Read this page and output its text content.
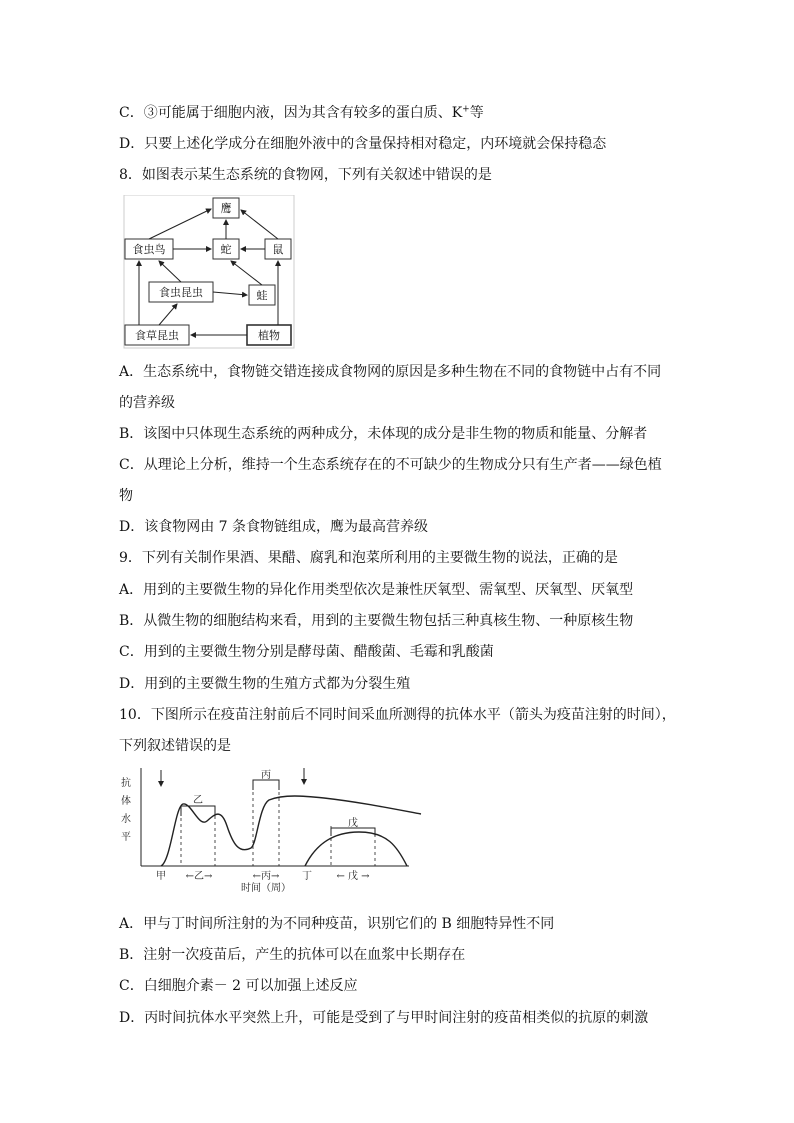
C．③可能属于细胞内液，因为其含有较多的蛋白质、K+等
D．只要上述化学成分在细胞外液中的含量保持相对稳定，内环境就会保持稳态
8．如图表示某生态系统的食物网，下列有关叙述中错误的是
鹰
食虫鸟	蛇	鼠
食虫昆虫	蛙
食草昆虫	植物
A．生态系统中，食物链交错连接成食物网的原因是多种生物在不同的食物链中占有不同
的营养级
B．该图中只体现生态系统的两种成分，未体现的成分是非生物的物质和能量、分解者
C．从理论上分析，维持一个生态系统存在的不可缺少的生物成分只有生产者——绿色植
物
D．该食物网由 7 条食物链组成，鹰为最高营养级
9．下列有关制作果酒、果醋、腐乳和泡菜所利用的主要微生物的说法，正确的是
A．用到的主要微生物的异化作用类型依次是兼性厌氧型、需氧型、厌氧型、厌氧型
B．从微生物的细胞结构来看，用到的主要微生物包括三种真核生物、一种原核生物
C．用到的主要微生物分别是酵母菌、醋酸菌、毛霉和乳酸菌
D．用到的主要微生物的生殖方式都为分裂生殖
10．下图所示在疫苗注射前后不同时间采血所测得的抗体水平（箭头为疫苗注射的时间），
下列叙述错误的是
抗
体
水
平
乙
丙
戊
甲 ←乙→	←丙→
时间（周）
丁 ← 戊 →
A．甲与丁时间所注射的为不同种疫苗，识别它们的 B 细胞特异性不同
B．注射一次疫苗后，产生的抗体可以在血浆中长期存在
C．白细胞介素－ 2 可以加强上述反应
D．丙时间抗体水平突然上升，可能是受到了与甲时间注射的疫苗相类似的抗原的刺激
